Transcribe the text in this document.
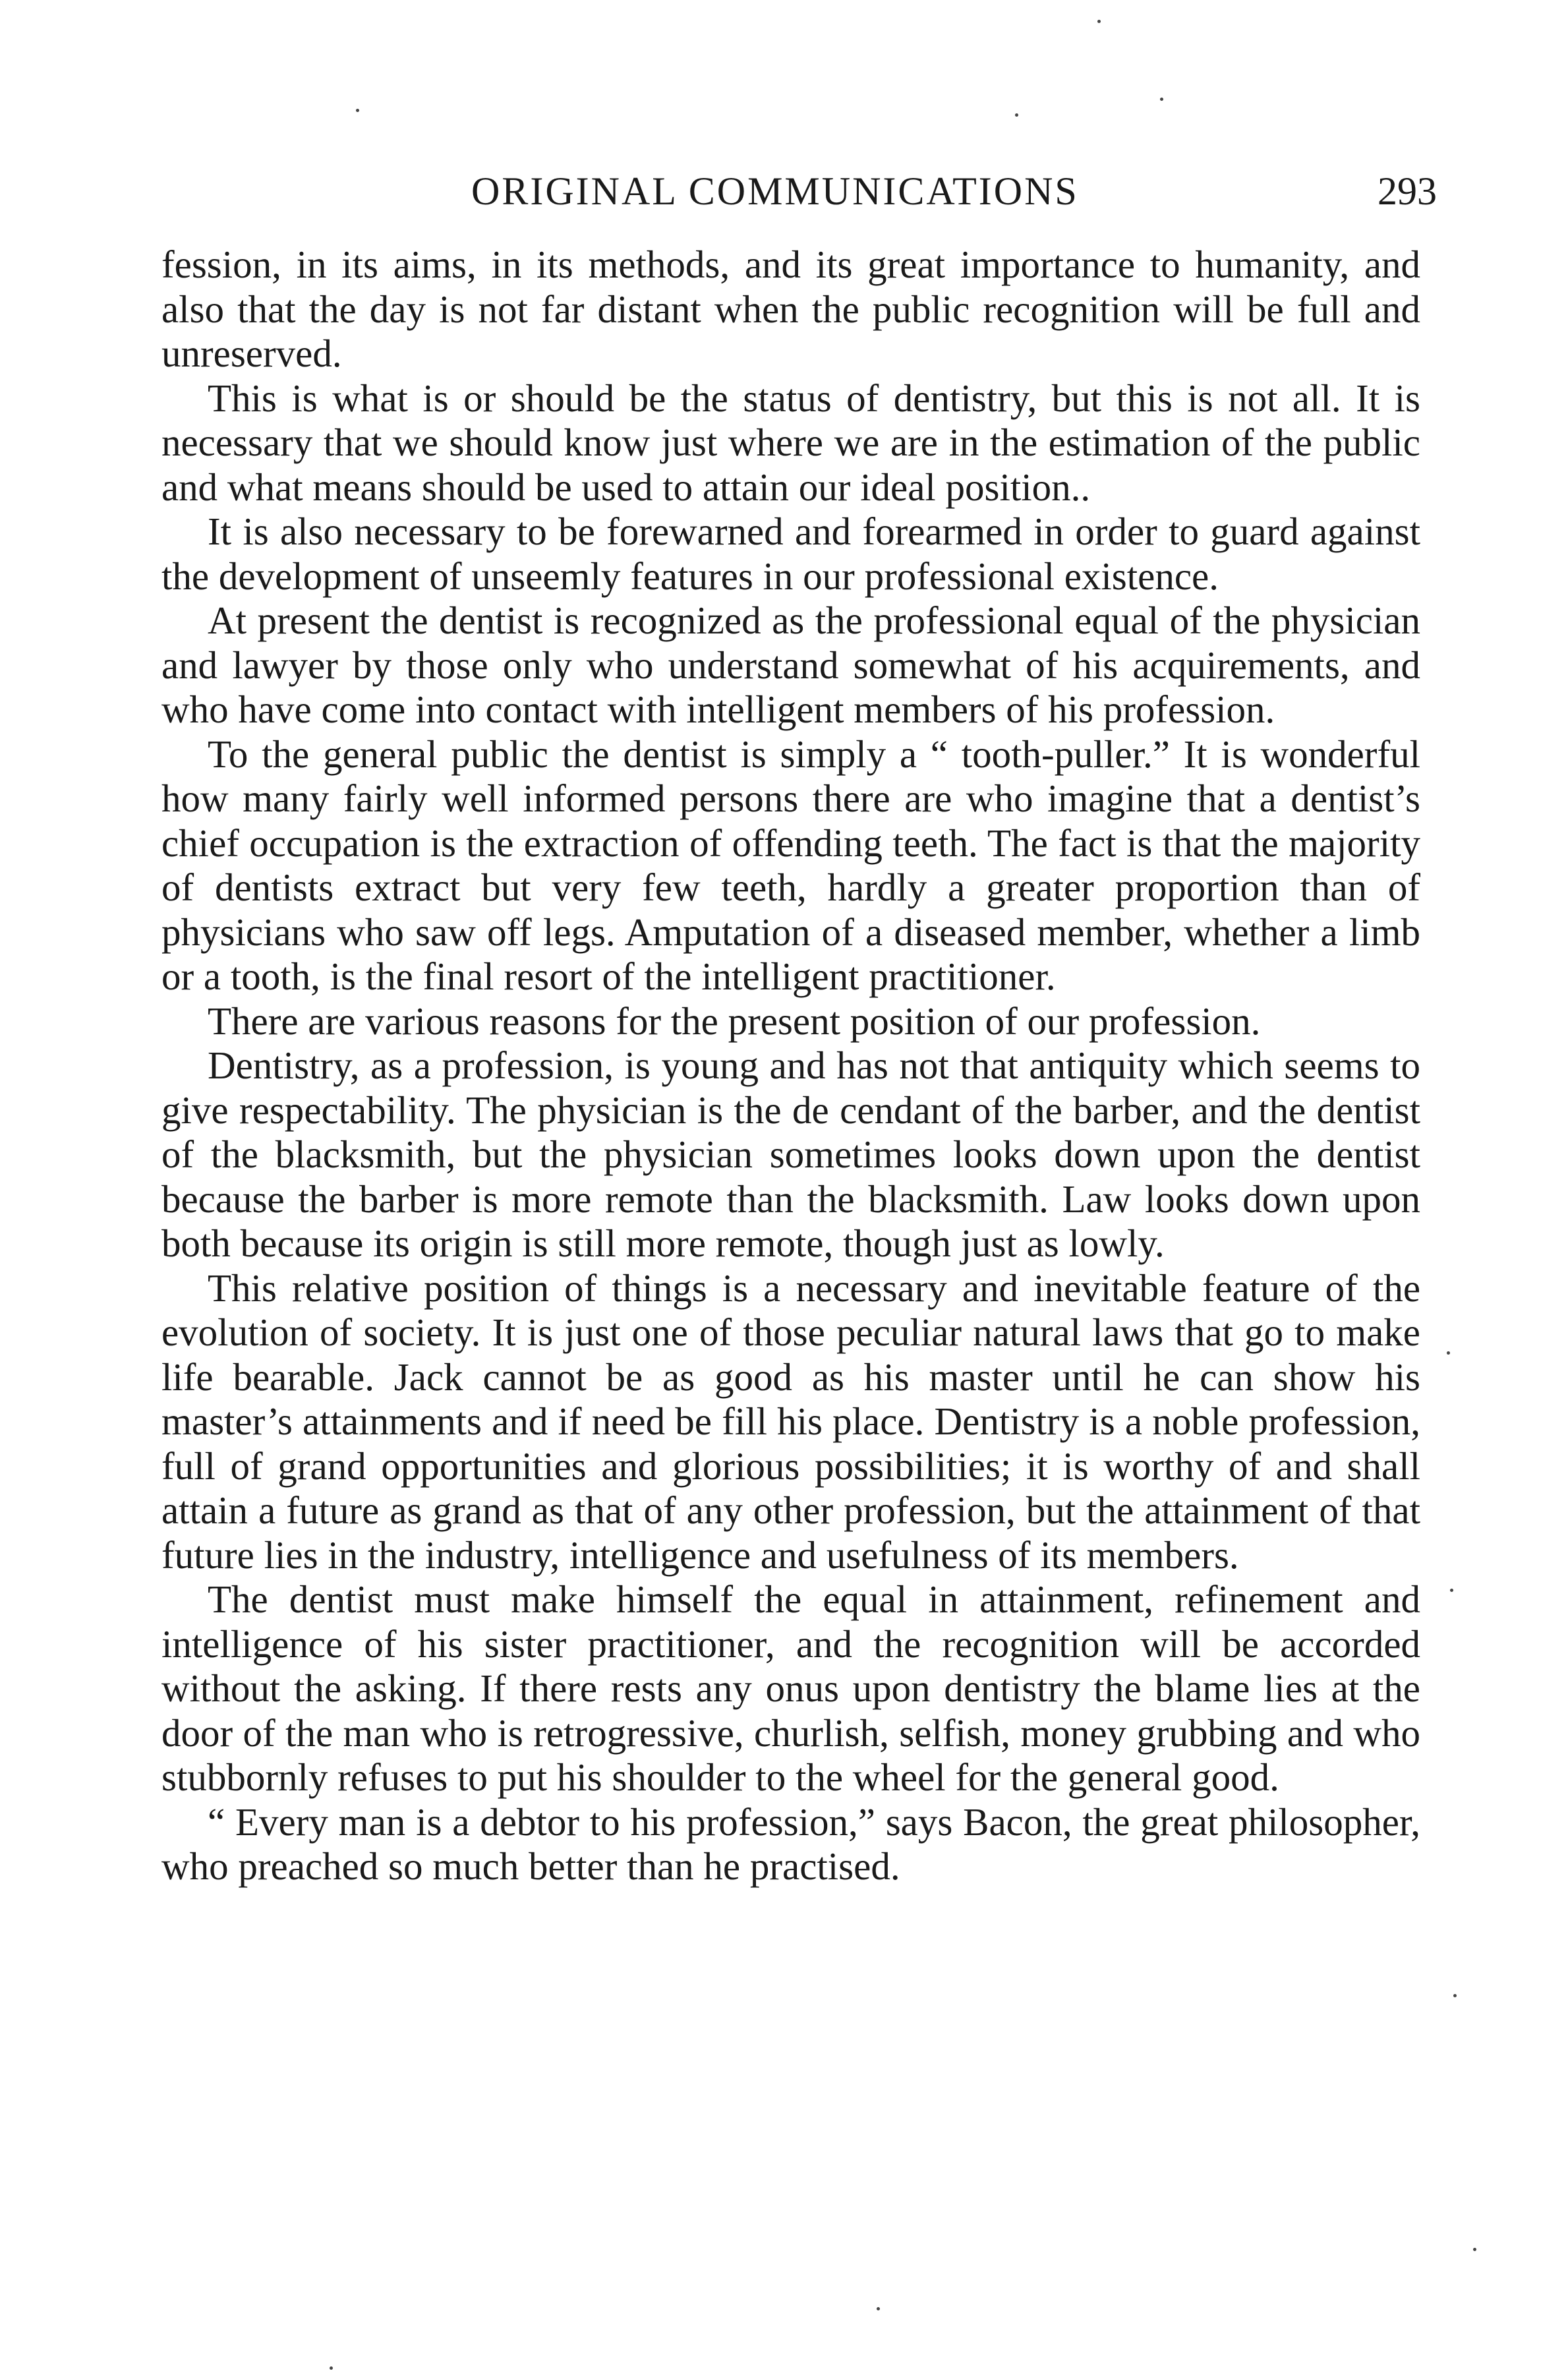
ORIGINAL COMMUNICATIONS	293

fession, in its aims, in its methods, and its great importance to humanity, and also that the day is not far distant when the public recognition will be full and unreserved.

This is what is or should be the status of dentistry, but this is not all. It is necessary that we should know just where we are in the estimation of the public and what means should be used to attain our ideal position..

It is also necessary to be forewarned and forearmed in order to guard against the development of unseemly features in our professional existence.

At present the dentist is recognized as the professional equal of the physician and lawyer by those only who understand somewhat of his acquirements, and who have come into contact with intelligent members of his profession.

To the general public the dentist is simply a “ tooth-puller.” It is wonderful how many fairly well informed persons there are who imagine that a dentist’s chief occupation is the extraction of offending teeth. The fact is that the majority of dentists extract but very few teeth, hardly a greater proportion than of physicians who saw off legs. Amputation of a diseased member, whether a limb or a tooth, is the final resort of the intelligent practitioner.

There are various reasons for the present position of our profession.

Dentistry, as a profession, is young and has not that antiquity which seems to give respectability. The physician is the de cendant of the barber, and the dentist of the blacksmith, but the physician sometimes looks down upon the dentist because the barber is more remote than the blacksmith. Law looks down upon both because its origin is still more remote, though just as lowly.

This relative position of things is a necessary and inevitable feature of the evolution of society. It is just one of those peculiar natural laws that go to make life bearable. Jack cannot be as good as his master until he can show his master’s attainments and if need be fill his place. Dentistry is a noble profession, full of grand opportunities and glorious possibilities; it is worthy of and shall attain a future as grand as that of any other profession, but the attainment of that future lies in the industry, intelligence and usefulness of its members.

The dentist must make himself the equal in attainment, refinement and intelligence of his sister practitioner, and the recognition will be accorded without the asking. If there rests any onus upon dentistry the blame lies at the door of the man who is retrogressive, churlish, selfish, money grubbing and who stubbornly refuses to put his shoulder to the wheel for the general good.

“ Every man is a debtor to his profession,” says Bacon, the great philosopher, who preached so much better than he practised.
